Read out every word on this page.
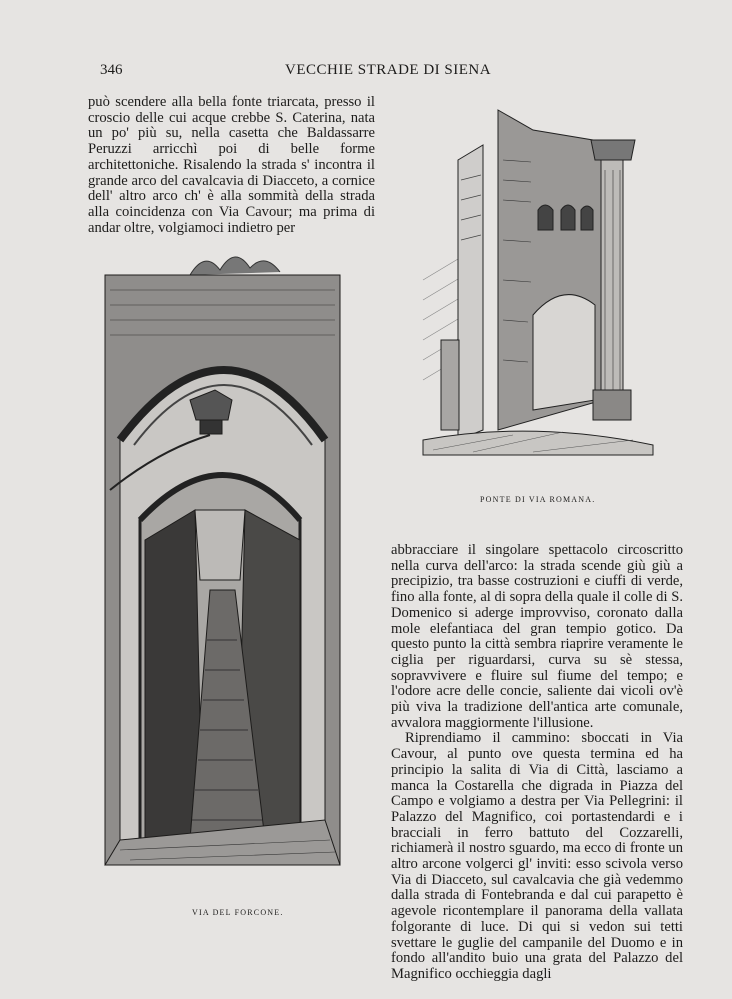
346	VECCHIE STRADE DI SIENA

può scendere alla bella fonte triarcata, presso il croscio delle cui acque crebbe S. Caterina, nata un po' più su, nella casetta che Baldassarre Peruzzi arricchì poi di belle forme architettoniche. Risalendo la strada s' incontra il grande arco del cavalcavia di Diacceto, a cornice dell' altro arco ch' è alla sommità della strada alla coincidenza con Via Cavour; ma prima di andar oltre, volgiamoci indietro per

PONTE DI VIA ROMANA.
VIA DEL FORCONE.

abbracciare il singolare spettacolo circoscritto nella curva dell'arco: la strada scende giù giù a precipizio, tra basse costruzioni e ciuffi di verde, fino alla fonte, al di sopra della quale il colle di S. Domenico si aderge improvviso, coronato dalla mole elefantiaca del gran tempio gotico. Da questo punto la città sembra riaprire veramente le ciglia per riguardarsi, curva su sè stessa, sopravvivere e fluire sul fiume del tempo; e l'odore acre delle concie, saliente dai vicoli ov'è più viva la tradizione dell'antica arte comunale, avvalora maggiormente l'illusione.

Riprendiamo il cammino: sboccati in Via Cavour, al punto ove questa termina ed ha principio la salita di Via di Città, lasciamo a manca la Costarella che digrada in Piazza del Campo e volgiamo a destra per Via Pellegrini: il Palazzo del Magnifico, coi portastendardi e i bracciali in ferro battuto del Cozzarelli, richiamerà il nostro sguardo, ma ecco di fronte un altro arcone volgerci gl' inviti: esso scivola verso Via di Diacceto, sul cavalcavia che già vedemmo dalla strada di Fontebranda e dal cui parapetto è agevole ricontemplare il panorama della vallata folgorante di luce. Di qui si vedon sui tetti svettare le guglie del campanile del Duomo e in fondo all'andito buio una grata del Palazzo del Magnifico occhieggia dagli
